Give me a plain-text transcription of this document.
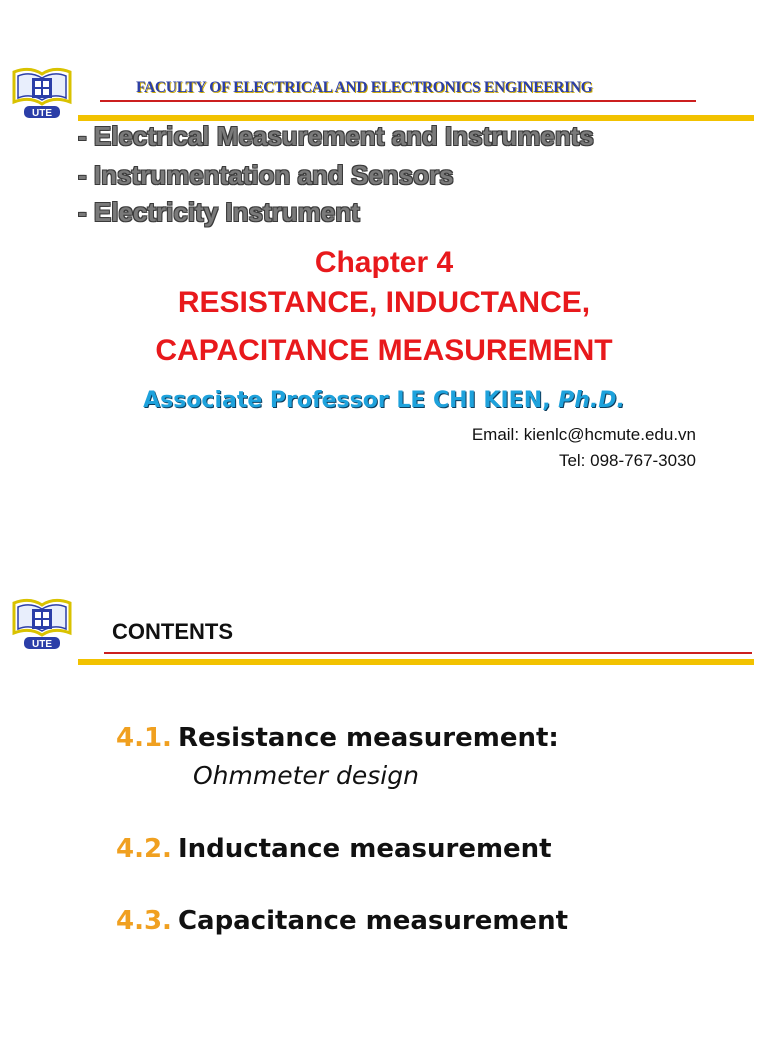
UTE
FACULTY OF ELECTRICAL AND ELECTRONICS ENGINEERING
- Electrical Measurement and Instruments
- Instrumentation and Sensors
- Electricity Instrument
Chapter 4
RESISTANCE, INDUCTANCE,
CAPACITANCE MEASUREMENT
Associate Professor LE CHI KIEN, Ph.D.
Email: kienlc@hcmute.edu.vn
Tel: 098-767-3030
UTE
CONTENTS
4.1. Resistance measurement:
Ohmmeter design
4.2. Inductance measurement
4.3. Capacitance measurement
